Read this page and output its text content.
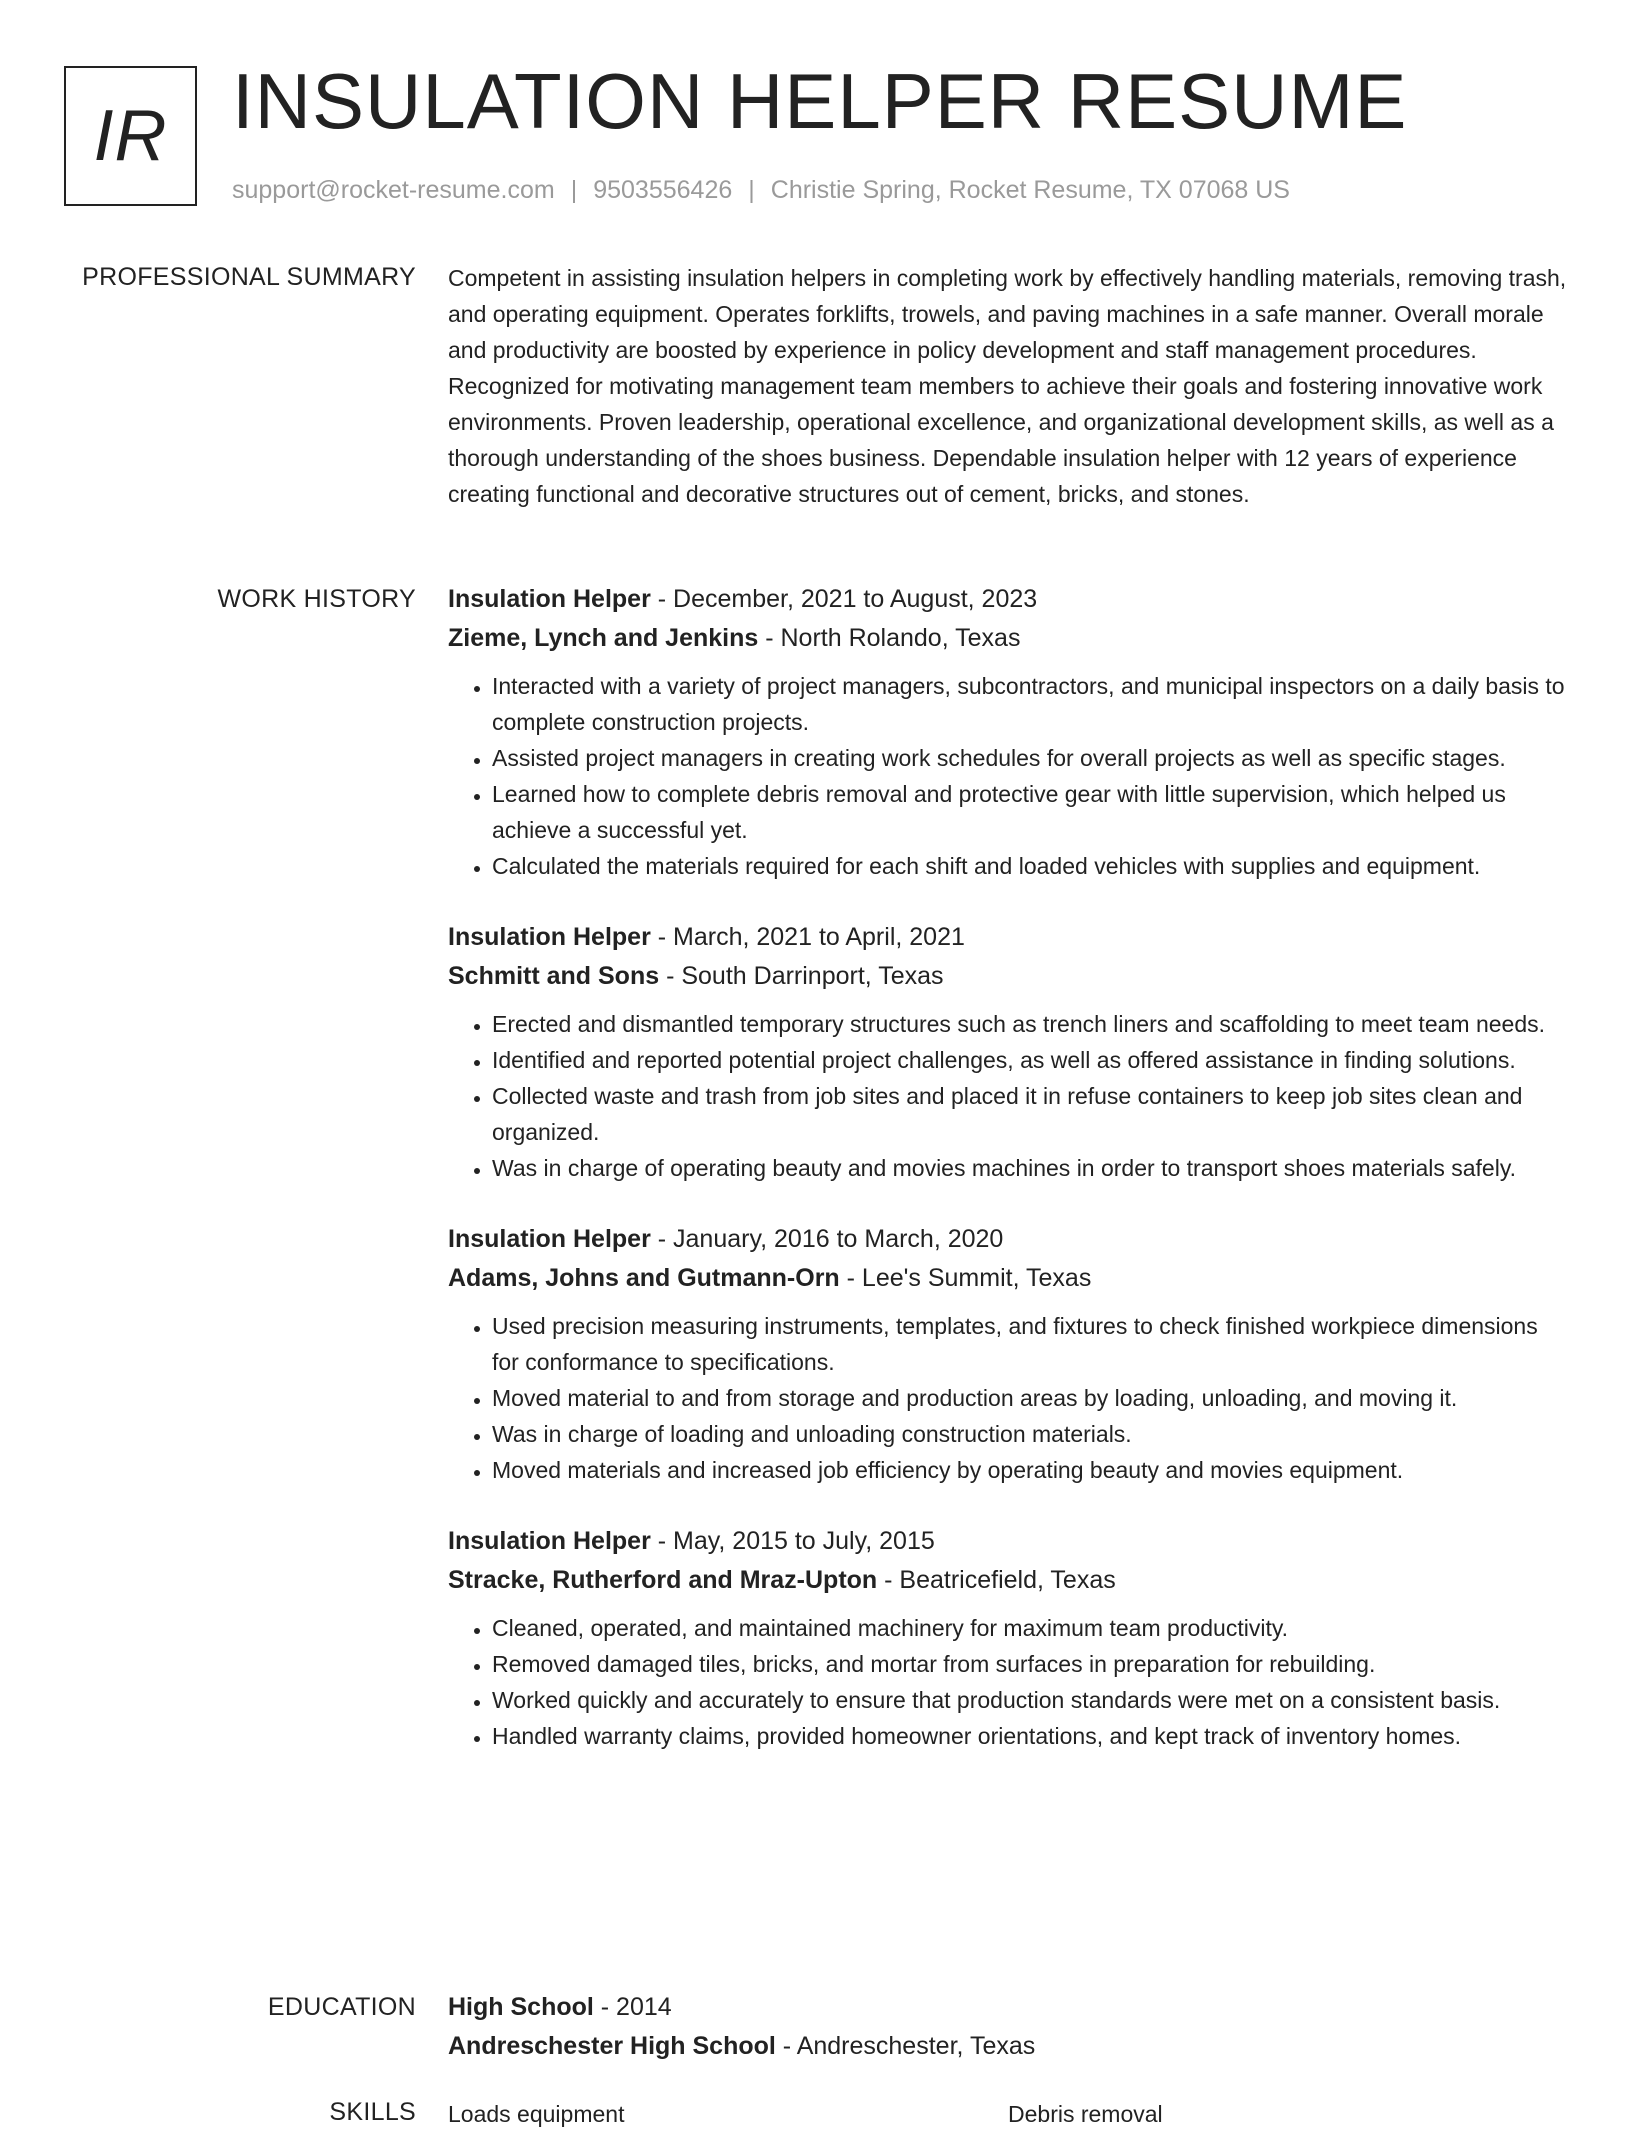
IR INSULATION HELPER RESUME
support@rocket-resume.com | 9503556426 | Christie Spring, Rocket Resume, TX 07068 US
PROFESSIONAL SUMMARY Competent in assisting insulation helpers in completing work by effectively handling materials, removing trash, and operating equipment. Operates forklifts, trowels, and paving machines in a safe manner. Overall morale and productivity are boosted by experience in policy development and staff management procedures. Recognized for motivating management team members to achieve their goals and fostering innovative work environments. Proven leadership, operational excellence, and organizational development skills, as well as a thorough understanding of the shoes business. Dependable insulation helper with 12 years of experience creating functional and decorative structures out of cement, bricks, and stones.

WORK HISTORY Insulation Helper - December, 2021 to August, 2023

Zieme, Lynch and Jenkins - North Rolando, Texas

• Interacted with a variety of project managers, subcontractors, and municipal inspectors on a daily basis to complete construction projects.
• Assisted project managers in creating work schedules for overall projects as well as specific stages.
• Learned how to complete debris removal and protective gear with little supervision, which helped us achieve a successful yet.
• Calculated the materials required for each shift and loaded vehicles with supplies and equipment.

Insulation Helper - March, 2021 to April, 2021

Schmitt and Sons - South Darrinport, Texas

• Erected and dismantled temporary structures such as trench liners and scaffolding to meet team needs.
• Identified and reported potential project challenges, as well as offered assistance in finding solutions.
• Collected waste and trash from job sites and placed it in refuse containers to keep job sites clean and organized.
• Was in charge of operating beauty and movies machines in order to transport shoes materials safely.

Insulation Helper - January, 2016 to March, 2020

Adams, Johns and Gutmann-Orn - Lee's Summit, Texas

• Used precision measuring instruments, templates, and fixtures to check finished workpiece dimensions for conformance to specifications.
• Moved material to and from storage and production areas by loading, unloading, and moving it.
• Was in charge of loading and unloading construction materials.
• Moved materials and increased job efficiency by operating beauty and movies equipment.

Insulation Helper - May, 2015 to July, 2015

Stracke, Rutherford and Mraz-Upton - Beatricefield, Texas

• Cleaned, operated, and maintained machinery for maximum team productivity.
• Removed damaged tiles, bricks, and mortar from surfaces in preparation for rebuilding.
• Worked quickly and accurately to ensure that production standards were met on a consistent basis.
• Handled warranty claims, provided homeowner orientations, and kept track of inventory homes.
EDUCATION High School - 2014

Andreschester High School - Andreschester, Texas

SKILLS Loads equipment	Debris removal
